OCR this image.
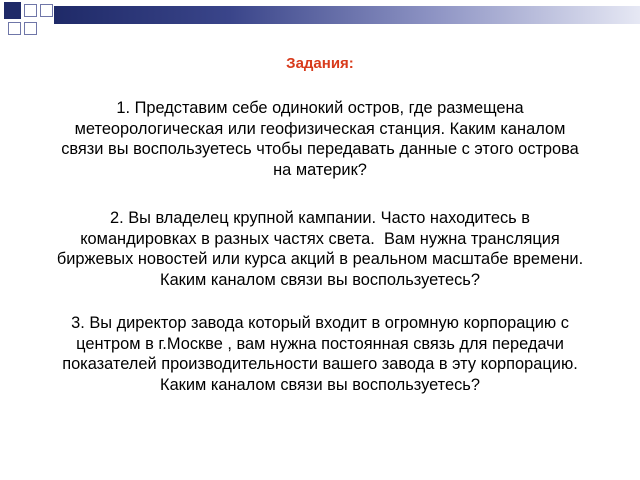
Задания:

1. Представим себе одинокий остров, где размещена
метеорологическая или геофизическая станция. Каким каналом
связи вы воспользуетесь чтобы передавать данные с этого острова
на материк?

2. Вы владелец крупной кампании. Часто находитесь в
командировках в разных частях света.  Вам нужна трансляция
биржевых новостей или курса акций в реальном масштабе времени.
Каким каналом связи вы воспользуетесь?

3. Вы директор завода который входит в огромную корпорацию с
центром в г.Москве , вам нужна постоянная связь для передачи
показателей производительности вашего завода в эту корпорацию.
Каким каналом связи вы воспользуетесь?
